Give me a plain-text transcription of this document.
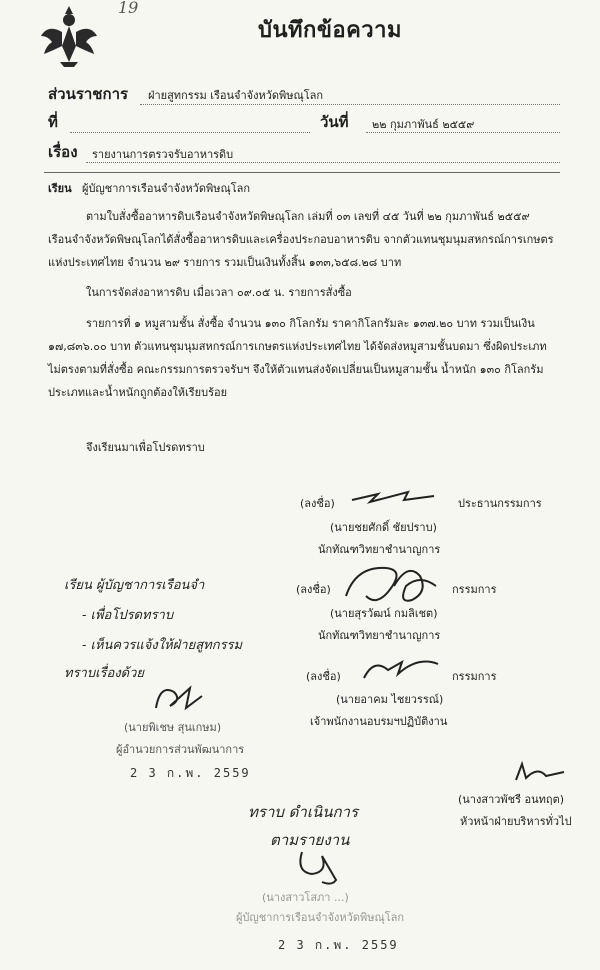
19
บันทึกข้อความ
ส่วนราชการ ฝ่ายสูทกรรม เรือนจำจังหวัดพิษณุโลก
ที่	วันที่ ๒๒ กุมภาพันธ์ ๒๕๕๙
เรื่อง รายงานการตรวจรับอาหารดิบ
เรียน ผู้บัญชาการเรือนจำจังหวัดพิษณุโลก
ตามใบสั่งซื้ออาหารดิบเรือนจำจังหวัดพิษณุโลก เล่มที่ ๐๓ เลขที่ ๔๕ วันที่ ๒๒ กุมภาพันธ์ ๒๕๕๙
เรือนจำจังหวัดพิษณุโลกได้สั่งซื้ออาหารดิบและเครื่องประกอบอาหารดิบ จากตัวแทนชุมนุมสหกรณ์การเกษตร
แห่งประเทศไทย จำนวน ๒๙ รายการ รวมเป็นเงินทั้งสิ้น ๑๓๓,๖๕๘.๒๘ บาท
ในการจัดส่งอาหารดิบ เมื่อเวลา ๐๙.๐๕ น. รายการสั่งซื้อ
รายการที่ ๑ หมูสามชั้น สั่งซื้อ จำนวน ๑๓๐ กิโลกรัม ราคากิโลกรัมละ ๑๓๗.๒๐ บาท รวมเป็นเงิน
๑๗,๘๓๖.๐๐ บาท ตัวแทนชุมนุมสหกรณ์การเกษตรแห่งประเทศไทย ได้จัดส่งหมูสามชั้นบดมา ซึ่งผิดประเภท
ไม่ตรงตามที่สั่งซื้อ คณะกรรมการตรวจรับฯ จึงให้ตัวแทนส่งจัดเปลี่ยนเป็นหมูสามชั้น น้ำหนัก ๑๓๐ กิโลกรัม
ประเภทและน้ำหนักถูกต้องให้เรียบร้อย
จึงเรียนมาเพื่อโปรดทราบ
(ลงชื่อ)	ประธานกรรมการ
(นายชยศักดิ์ ชัยปราบ)
นักทัณฑวิทยาชำนาญการ
(ลงชื่อ)	กรรมการ
(นายสุรวัฒน์ กมลิเชต)
นักทัณฑวิทยาชำนาญการ
(ลงชื่อ)	กรรมการ
(นายอาคม ไชยวรรณ์)
เจ้าพนักงานอบรมฯปฏิบัติงาน
เรียน ผู้บัญชาการเรือนจำ
- เพื่อโปรดทราบ
- เห็นควรแจ้งให้ฝ่ายสูทกรรม
ทราบเรื่องด้วย
(นายพิเชษ สุนเกษม)
ผู้อำนวยการส่วนพัฒนาการ
2 3 ก.พ. 2559
(นางสาวพัชรี อนทฤต)
หัวหน้าฝ่ายบริหารทั่วไป
ทราบ ดำเนินการ
ตามรายงาน
(นางสาวโสภา ...)
ผู้บัญชาการเรือนจำจังหวัดพิษณุโลก
2 3 ก.พ. 2559
